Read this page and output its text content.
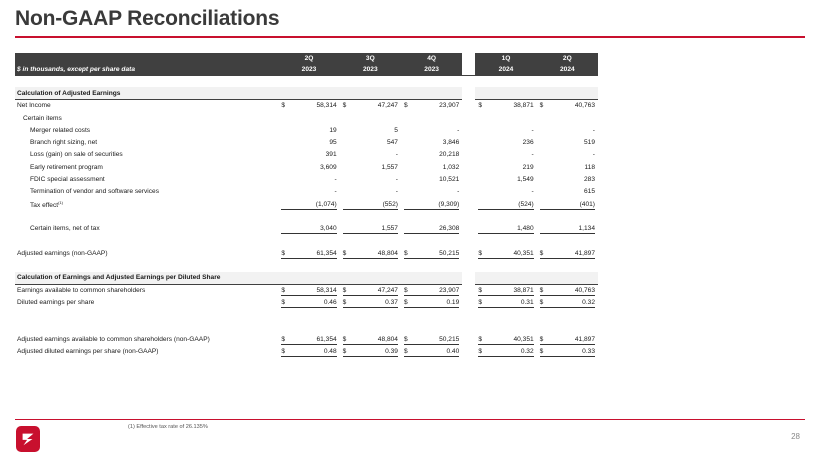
Non-GAAP Reconciliations
	2Q	3Q	4Q		1Q	2Q
$ in thousands, except per share data	2023	2023	2023		2024	2024

Calculation of Adjusted Earnings						
Net Income	$ 58,314	$ 47,247	$ 23,907		$ 38,871	$ 40,763
Certain items						
Merger related costs	19	5	-		-	-
Branch right sizing, net	95	547	3,846		236	519
Loss (gain) on sale of securities	391	-	20,218		-	-
Early retirement program	3,609	1,557	1,032		219	118
FDIC special assessment	-	-	10,521		1,549	283
Termination of vendor and software services	-	-	-		-	615
Tax effect$^{(1)}$	(1,074)	(552)	(9,309)		(524)	(401)

Certain items, net of tax	3,040	1,557	26,308		1,480	1,134

Adjusted earnings (non-GAAP)	$ 61,354	$ 48,804	$ 50,215		$ 40,351	$ 41,897

Calculation of Earnings and Adjusted Earnings per Diluted Share						
Earnings available to common shareholders	$ 58,314	$ 47,247	$ 23,907		$ 38,871	$ 40,763
Diluted earnings per share	$ 0.46	$ 0.37	$ 0.19		$ 0.31	$ 0.32

Adjusted earnings available to common shareholders (non-GAAP)	$ 61,354	$ 48,804	$ 50,215		$ 40,351	$ 41,897
Adjusted diluted earnings per share (non-GAAP)	$ 0.48	$ 0.39	$ 0.40		$ 0.32	$ 0.33
(1) Effective tax rate of 26.135%
28
